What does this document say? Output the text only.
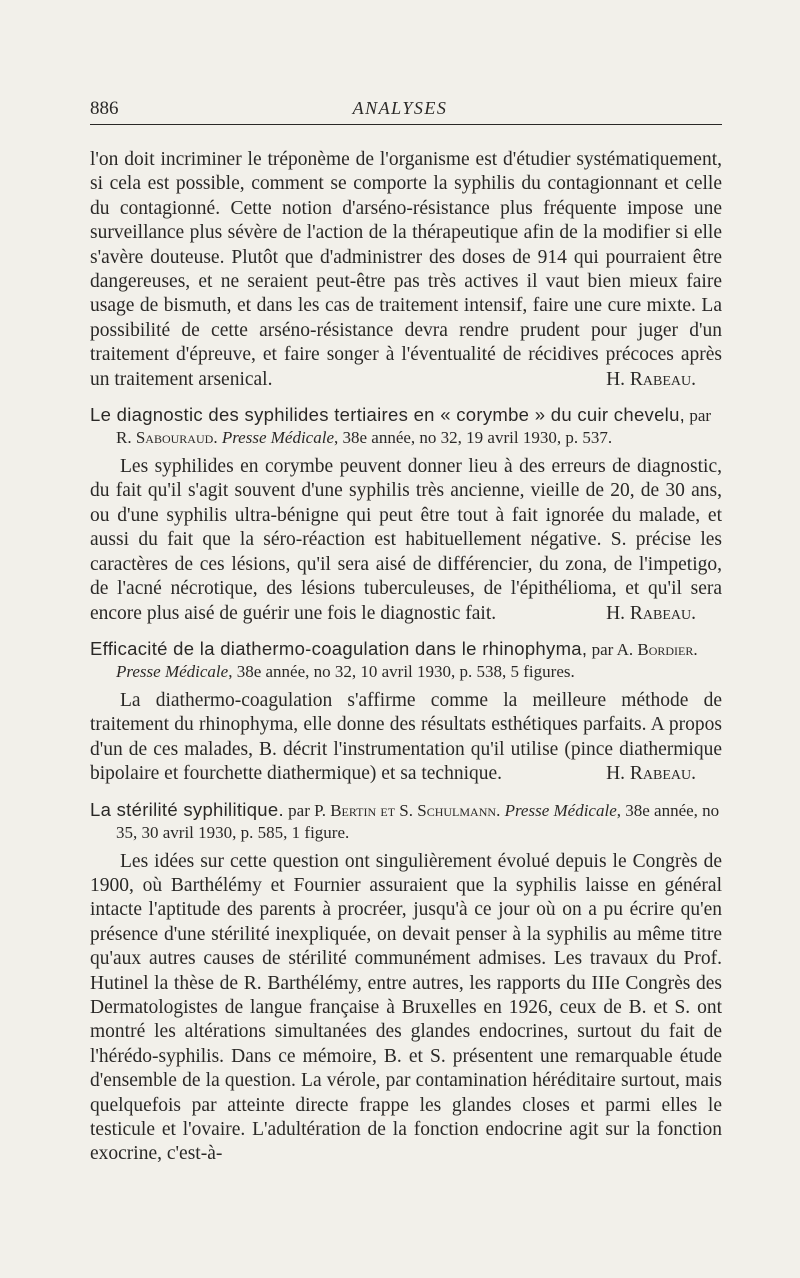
886	ANALYSES

l'on doit incriminer le tréponème de l'organisme est d'étudier systématiquement, si cela est possible, comment se comporte la syphilis du contagionnant et celle du contagionné. Cette notion d'arséno-résistance plus fréquente impose une surveillance plus sévère de l'action de la thérapeutique afin de la modifier si elle s'avère douteuse. Plutôt que d'administrer des doses de 914 qui pourraient être dangereuses, et ne seraient peut-être pas très actives il vaut bien mieux faire usage de bismuth, et dans les cas de traitement intensif, faire une cure mixte. La possibilité de cette arséno-résistance devra rendre prudent pour juger d'un traitement d'épreuve, et faire songer à l'éventualité de récidives précoces après un traitement arsenical.	H. Rabeau.

Le diagnostic des syphilides tertiaires en « corymbe » du cuir chevelu, par R. Sabouraud. Presse Médicale, 38e année, no 32, 19 avril 1930, p. 537.

Les syphilides en corymbe peuvent donner lieu à des erreurs de diagnostic, du fait qu'il s'agit souvent d'une syphilis très ancienne, vieille de 20, de 30 ans, ou d'une syphilis ultra-bénigne qui peut être tout à fait ignorée du malade, et aussi du fait que la séro-réaction est habituellement négative. S. précise les caractères de ces lésions, qu'il sera aisé de différencier, du zona, de l'impetigo, de l'acné nécrotique, des lésions tuberculeuses, de l'épithélioma, et qu'il sera encore plus aisé de guérir une fois le diagnostic fait.	H. Rabeau.

Efficacité de la diathermo-coagulation dans le rhinophyma, par A. Bordier. Presse Médicale, 38e année, no 32, 10 avril 1930, p. 538, 5 figures.

La diathermo-coagulation s'affirme comme la meilleure méthode de traitement du rhinophyma, elle donne des résultats esthétiques parfaits. A propos d'un de ces malades, B. décrit l'instrumentation qu'il utilise (pince diathermique bipolaire et fourchette diathermique) et sa technique.	H. Rabeau.

La stérilité syphilitique. par P. Bertin et S. Schulmann. Presse Médicale, 38e année, no 35, 30 avril 1930, p. 585, 1 figure.

Les idées sur cette question ont singulièrement évolué depuis le Congrès de 1900, où Barthélémy et Fournier assuraient que la syphilis laisse en général intacte l'aptitude des parents à procréer, jusqu'à ce jour où on a pu écrire qu'en présence d'une stérilité inexpliquée, on devait penser à la syphilis au même titre qu'aux autres causes de stérilité communément admises. Les travaux du Prof. Hutinel la thèse de R. Barthélémy, entre autres, les rapports du IIIe Congrès des Dermatologistes de langue française à Bruxelles en 1926, ceux de B. et S. ont montré les altérations simultanées des glandes endocrines, surtout du fait de l'hérédo-syphilis. Dans ce mémoire, B. et S. présentent une remarquable étude d'ensemble de la question. La vérole, par contamination héréditaire surtout, mais quelquefois par atteinte directe frappe les glandes closes et parmi elles le testicule et l'ovaire. L'adultération de la fonction endocrine agit sur la fonction exocrine, c'est-à-
